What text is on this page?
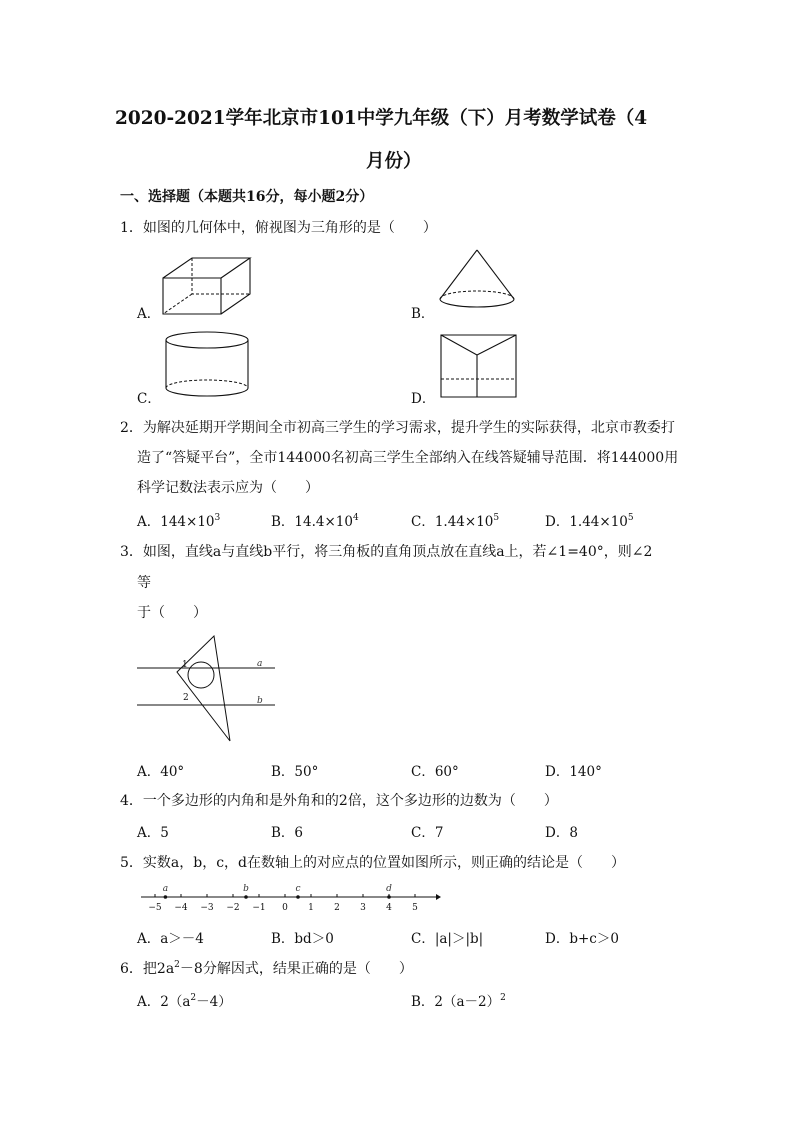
2020-2021学年北京市101中学九年级（下）月考数学试卷（4
月份）
一、选择题（本题共16分，每小题2分）
1．如图的几何体中，俯视图为三角形的是（　　）
A．	B．
C．	D．
2．为解决延期开学期间全市初高三学生的学习需求，提升学生的实际获得，北京市教委打
造了“答疑平台”，全市144000名初高三学生全部纳入在线答疑辅导范围．将144000用
科学记数法表示应为（　　）
A．$144\times 10^3$	B．$14.4\times 10^4$	C．$1.44\times 10^5$	D．$1.44\times 10^5$
3．如图，直线a与直线b平行，将三角板的直角顶点放在直线a上，若∠1=40°，则∠2
等
于（　　）
a
b
1
2
A．40°	B．50°	C．60°	D．140°
4．一个多边形的内角和是外角和的2倍，这个多边形的边数为（　　）
A．5	B．6	C．7	D．8
5．实数a，b，c，d在数轴上的对应点的位置如图所示，则正确的结论是（　　）
−5 −4 −3 −2 −1 0 1 2 3 4 5
a	b	c	d
A．a＞－4	B．bd＞0	C．|a|＞|b|	D．b+c＞0
6．把$2a^2-8$分解因式，结果正确的是（　　）
A．$2(a^2-4)$	B．$2(a-2)^2$
